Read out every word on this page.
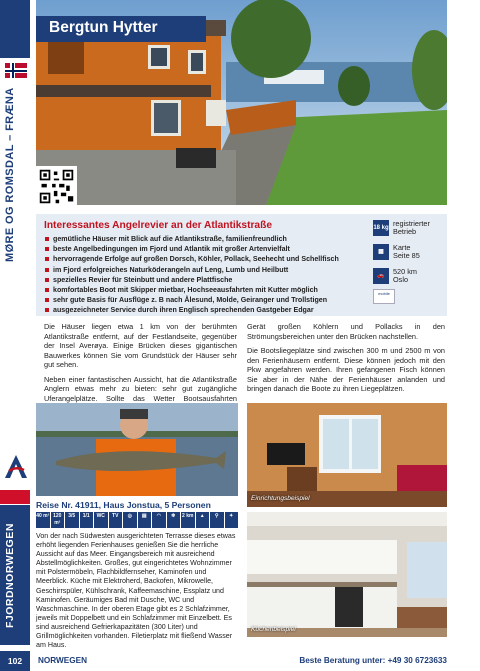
MØRE OG ROMSDAL – FRÆNA
FJORDNORWEGEN
Bergtun Hytter
Interessantes Angelrevier an der Atlantikstraße
gemütliche Häuser mit Blick auf die Atlantikstraße, familienfreundlich
beste Angelbedingungen im Fjord und Atlantik mit großer Artenvielfalt
hervorragende Erfolge auf großen Dorsch, Köhler, Pollack, Seehecht und Schellfisch
im Fjord erfolgreiches Naturköderangeln auf Leng, Lumb und Heilbutt
spezielles Revier für Steinbutt und andere Plattfische
komfortables Boot mit Skipper mietbar, Hochseeausfahrten mit Kutter möglich
sehr gute Basis für Ausflüge z. B nach Ålesund, Molde, Geiranger und Trollstigen
ausgezeichneter Service durch ihren Englisch sprechenden Gastgeber Edgar
18 kg registrierter
Betrieb
▦	Karte
Seite 85
🚗	520 km
Oslo
mobile

Die Häuser liegen etwa 1 km von der berühmten Atlantikstraße entfernt, auf der Festlandseite, gegenüber der Insel Averøya. Einige Brücken dieses gigantischen Bauwerkes können Sie vom Grundstück der Häuser sehr gut sehen.

Neben einer fantastischen Aussicht, hat die Atlantikstraße Anglern etwas mehr zu bieten: sehr gut zugängliche Uferangelplätze. Sollte das Wetter Bootsausfahrten

Gerät großen Köhlern und Pollacks in den Strömungsbereichen unter den Brücken nachstellen.

Die Bootsliegeplätze sind zwischen 300 m und 2500 m von den Ferienhäusern entfernt. Diese können jedoch mit den Pkw angefahren werden. Ihren gefangenen Fisch können Sie aber in der Nähe der Ferienhäuser anlanden und bringen danach die Boote zu ihren Liegeplätzen.

Einrichtungsbeispiel
Küchenbeispiel
Reise Nr. 41911, Haus Jonstua, 5 Personen
40 m² 120 m²
3/5	1/1	WC	TV	◎	▤	◠	❄	2 km	▲	⚲	✦
Von der nach Südwesten ausgerichteten Terrasse dieses etwas erhöht liegenden Ferienhauses genießen Sie die herrliche Aussicht auf das Meer. Eingangsbereich mit ausreichend Abstellmöglichkeiten. Großes, gut eingerichtetes Wohnzimmer mit Polstermöbeln, Flachbildfernseher, Kaminofen und Meerblick. Küche mit Elektroherd, Backofen, Mikrowelle, Geschirrspüler, Kühlschrank, Kaffeemaschine, Essplatz und Kaminofen. Geräumiges Bad mit Dusche, WC und Waschmaschine. In der oberen Etage gibt es 2 Schlafzimmer, jeweils mit Doppelbett und ein Schlafzimmer mit Einzelbett. Es sind ausreichend Gefrierkapazitäten (300 Liter) und Grillmöglichkeiten vorhanden. Filetierplatz mit fließend Wasser am Haus.
102	NORWEGEN	Beste Beratung unter: +49 30 6723633
